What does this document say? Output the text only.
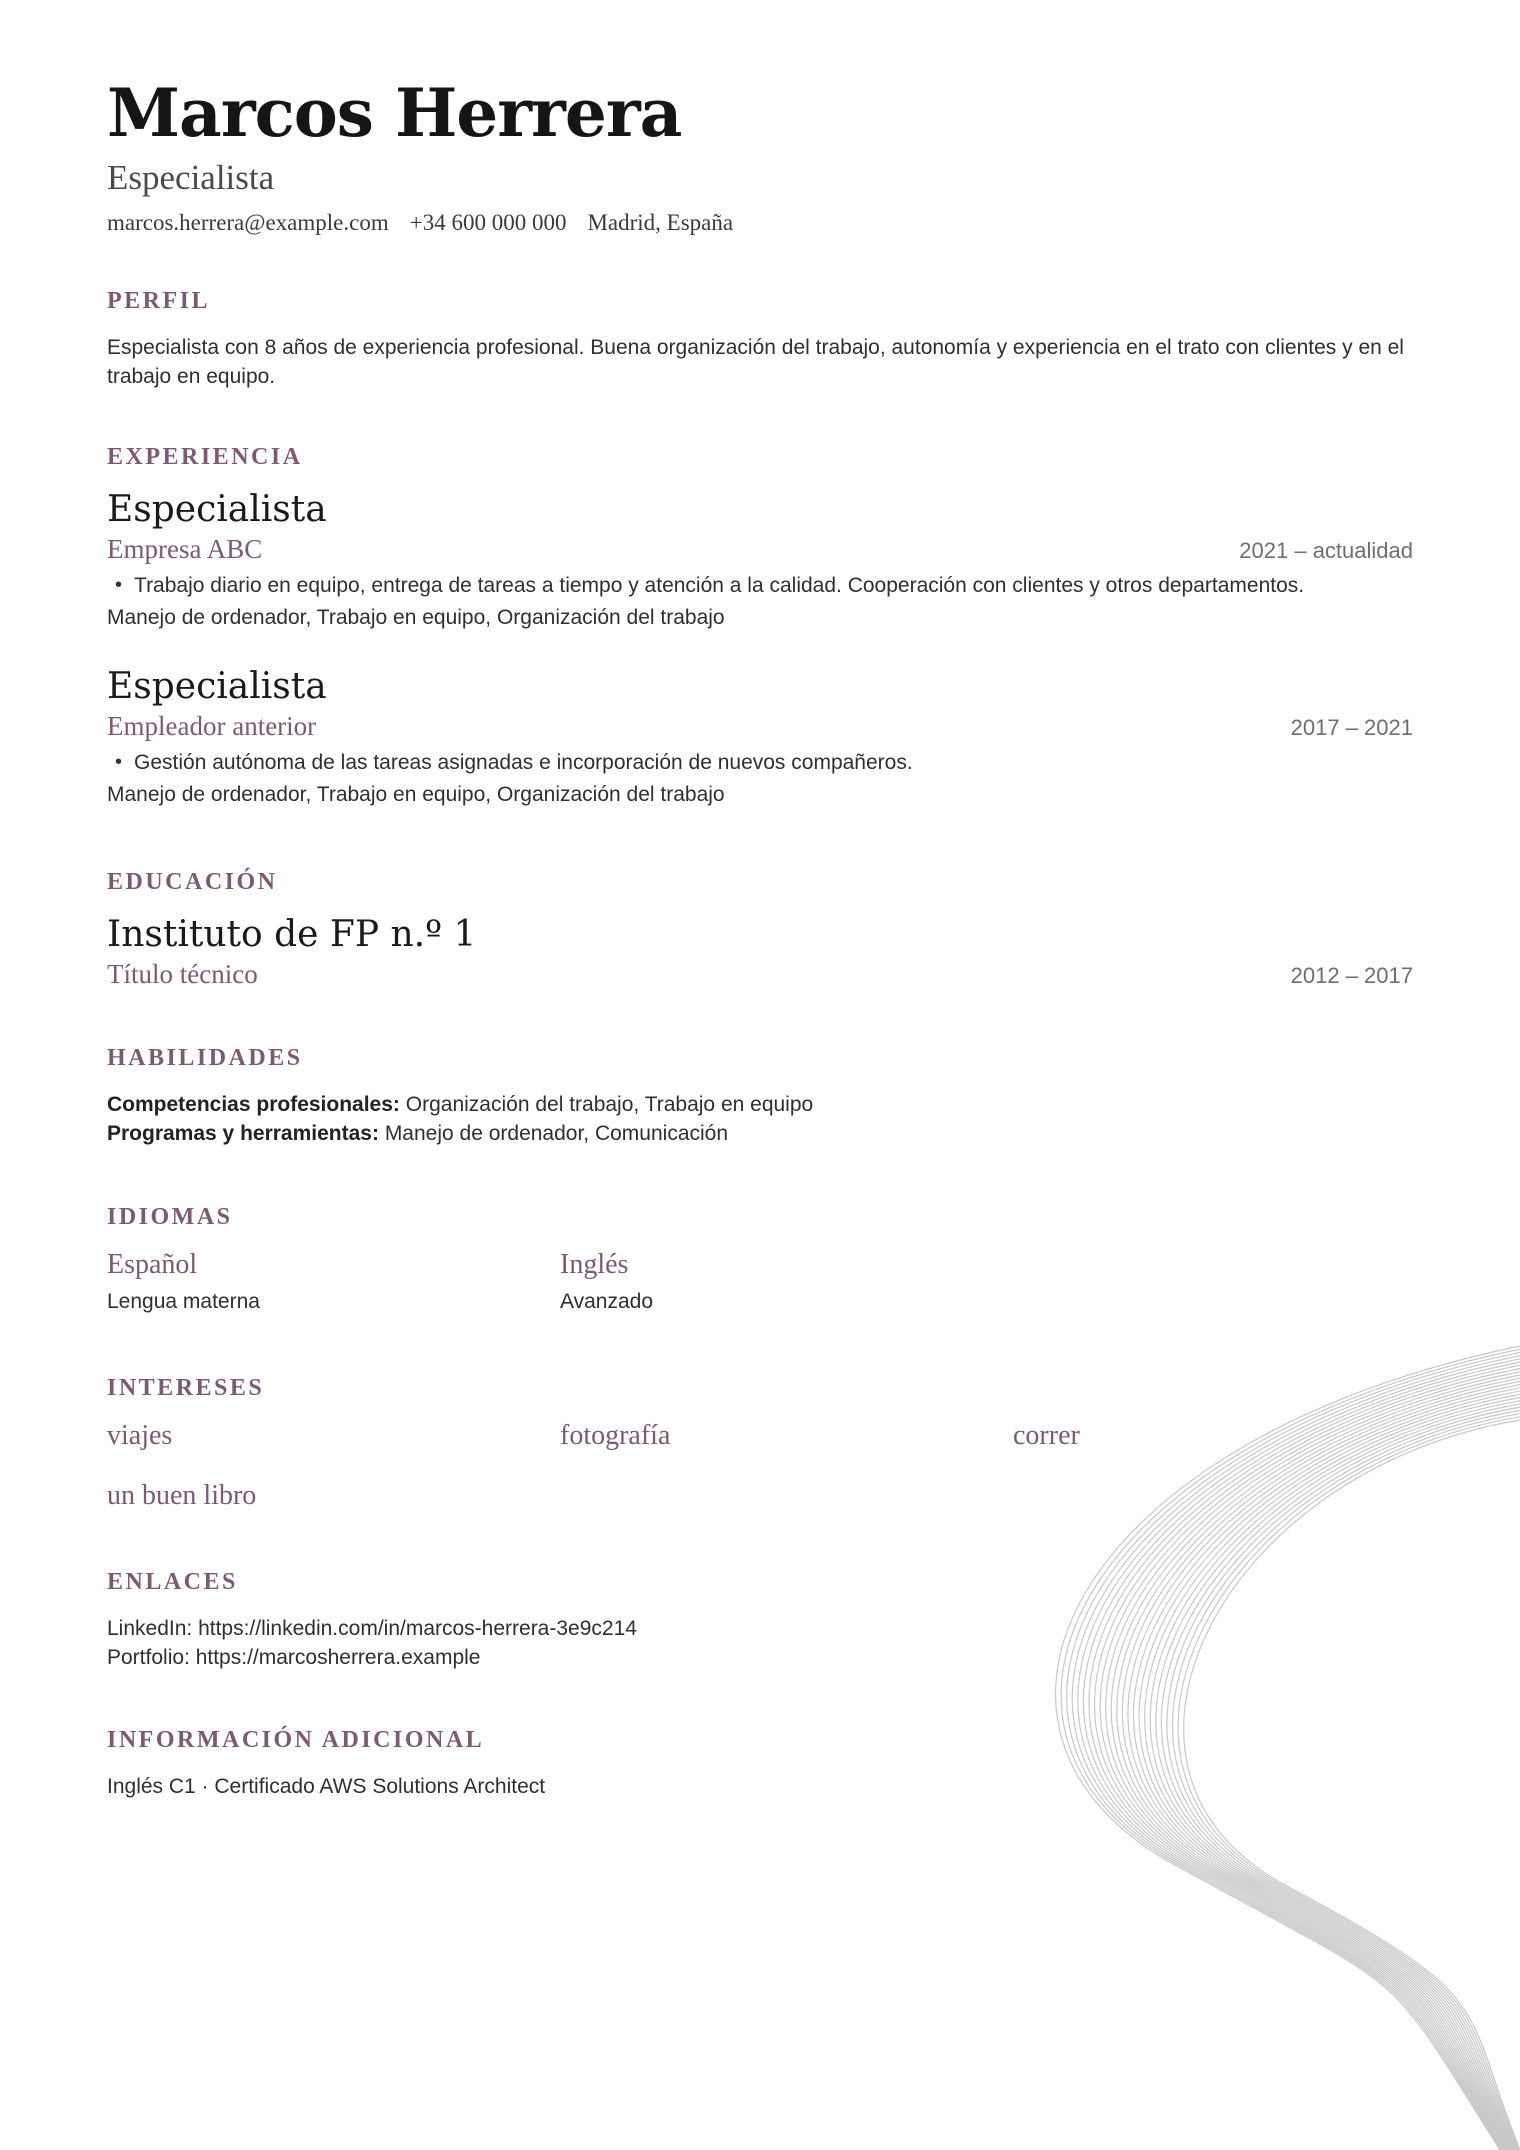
Marcos Herrera
Especialista
marcos.herrera@example.com +34 600 000 000 Madrid, España
PERFIL
Especialista con 8 años de experiencia profesional. Buena organización del trabajo, autonomía y experiencia en el trato con clientes y en el trabajo en equipo.
EXPERIENCIA
Especialista
Empresa ABC	2021 – actualidad
• Trabajo diario en equipo, entrega de tareas a tiempo y atención a la calidad. Cooperación con clientes y otros departamentos.
Manejo de ordenador, Trabajo en equipo, Organización del trabajo
Especialista
Empleador anterior	2017 – 2021
• Gestión autónoma de las tareas asignadas e incorporación de nuevos compañeros.
Manejo de ordenador, Trabajo en equipo, Organización del trabajo
EDUCACIÓN
Instituto de FP n.º 1
Título técnico	2012 – 2017
HABILIDADES
Competencias profesionales: Organización del trabajo, Trabajo en equipo
Programas y herramientas: Manejo de ordenador, Comunicación
IDIOMAS
Español
Lengua materna
Inglés
Avanzado
INTERESES
viajes	fotografía	correr
un buen libro
ENLACES
LinkedIn: https://linkedin.com/in/marcos-herrera-3e9c214
Portfolio: https://marcosherrera.example
INFORMACIÓN ADICIONAL
Inglés C1 · Certificado AWS Solutions Architect
